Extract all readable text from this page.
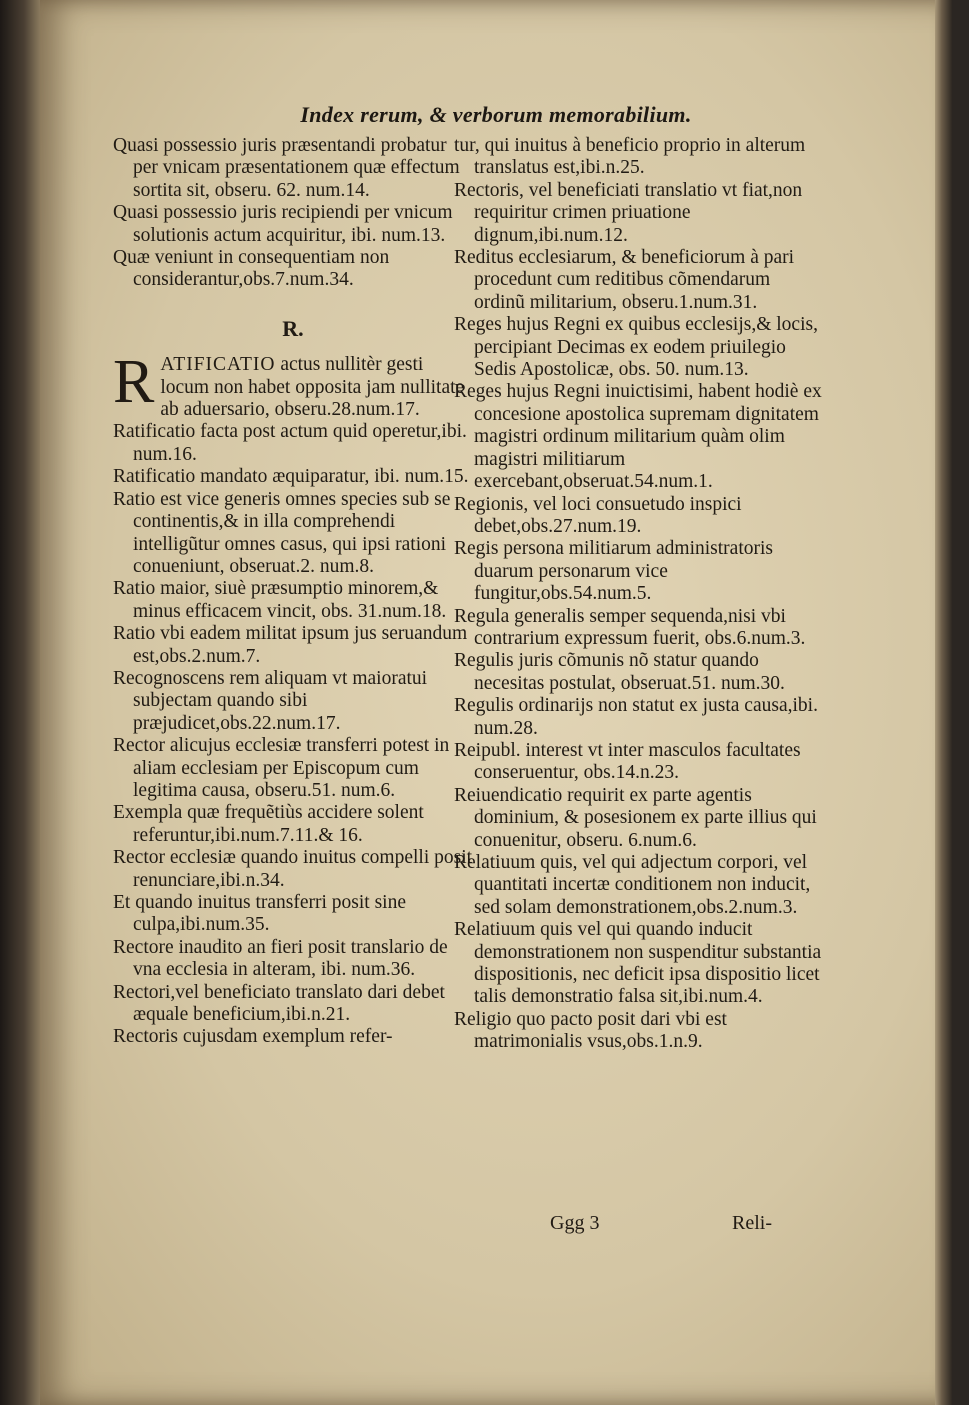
Index rerum, & verborum memorabilium.

Quasi possessio juris præsentandi probatur per vnicam præsentationem quæ effectum sortita sit, obseru. 62. num.14.

Quasi possessio juris recipiendi per vnicum solutionis actum acquiritur, ibi. num.13.

Quæ veniunt in consequentiam non considerantur,obs.7.num.34.

R.

RATIFICATIO actus nullitèr gesti locum non habet opposita jam nullitate ab aduersario, obseru.28.num.17.

Ratificatio facta post actum quid operetur,ibi. num.16.

Ratificatio mandato æquiparatur, ibi. num.15.

Ratio est vice generis omnes species sub se continentis,& in illa comprehendi intelligũtur omnes casus, qui ipsi rationi conueniunt, obseruat.2. num.8.

Ratio maior, siuè præsumptio minorem,& minus efficacem vincit, obs. 31.num.18.

Ratio vbi eadem militat ipsum jus seruandum est,obs.2.num.7.

Recognoscens rem aliquam vt maioratui subjectam quando sibi præjudicet,obs.22.num.17.

Rector alicujus ecclesiæ transferri potest in aliam ecclesiam per Episcopum cum legitima causa, obseru.51. num.6.

Exempla quæ frequẽtiùs accidere solent referuntur,ibi.num.7.11.& 16.

Rector ecclesiæ quando inuitus compelli posit renunciare,ibi.n.34.

Et quando inuitus transferri posit sine culpa,ibi.num.35.

Rectore inaudito an fieri posit translario de vna ecclesia in alteram, ibi. num.36.

Rectori,vel beneficiato translato dari debet æquale beneficium,ibi.n.21.

Rectoris cujusdam exemplum refer-

tur, qui inuitus à beneficio proprio in alterum translatus est,ibi.n.25.

Rectoris, vel beneficiati translatio vt fiat,non requiritur crimen priuatione dignum,ibi.num.12.

Reditus ecclesiarum, & beneficiorum à pari procedunt cum reditibus cõmendarum ordinũ militarium, obseru.1.num.31.

Reges hujus Regni ex quibus ecclesijs,& locis, percipiant Decimas ex eodem priuilegio Sedis Apostolicæ, obs. 50. num.13.

Reges hujus Regni inuictisimi, habent hodiè ex concesione apostolica supremam dignitatem magistri ordinum militarium quàm olim magistri militiarum exercebant,obseruat.54.num.1.

Regionis, vel loci consuetudo inspici debet,obs.27.num.19.

Regis persona militiarum administratoris duarum personarum vice fungitur,obs.54.num.5.

Regula generalis semper sequenda,nisi vbi contrarium expressum fuerit, obs.6.num.3.

Regulis juris cõmunis nõ statur quando necesitas postulat, obseruat.51. num.30.

Regulis ordinarijs non statut ex justa causa,ibi. num.28.

Reipubl. interest vt inter masculos facultates conseruentur, obs.14.n.23.

Reiuendicatio requirit ex parte agentis dominium, & posesionem ex parte illius qui conuenitur, obseru. 6.num.6.

Relatiuum quis, vel qui adjectum corpori, vel quantitati incertæ conditionem non inducit, sed solam demonstrationem,obs.2.num.3.

Relatiuum quis vel qui quando inducit demonstrationem non suspenditur substantia dispositionis, nec deficit ipsa dispositio licet talis demonstratio falsa sit,ibi.num.4.

Religio quo pacto posit dari vbi est matrimonialis vsus,obs.1.n.9.

Ggg 3	Reli-
